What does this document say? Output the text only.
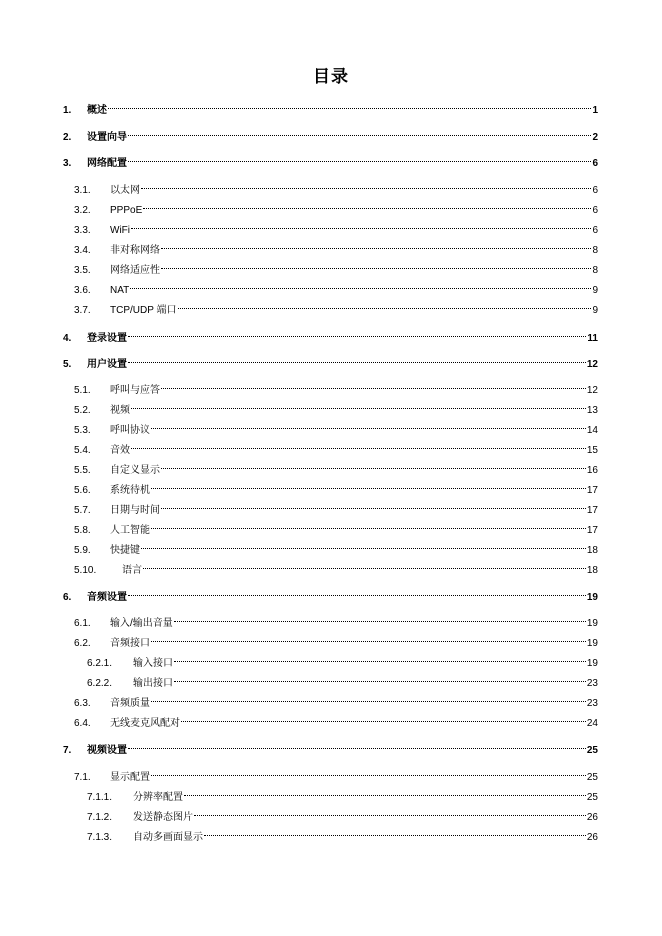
目录
1.	概述	1
2.	设置向导	2
3.	网络配置	6
3.1.	以太网	6
3.2.	PPPoE	6
3.3.	WiFi	6
3.4.	非对称网络	8
3.5.	网络适应性	8
3.6.	NAT	9
3.7.	TCP/UDP 端口	9
4.	登录设置	11
5.	用户设置	12
5.1.	呼叫与应答	12
5.2.	视频	13
5.3.	呼叫协议	14
5.4.	音效	15
5.5.	自定义显示	16
5.6.	系统待机	17
5.7.	日期与时间	17
5.8.	人工智能	17
5.9.	快捷键	18
5.10.	语言	18
6.	音频设置	19
6.1.	输入/输出音量	19
6.2.	音频接口	19
6.2.1.	输入接口	19
6.2.2.	输出接口	23
6.3.	音频质量	23
6.4.	无线麦克风配对	24
7.	视频设置	25
7.1.	显示配置	25
7.1.1.	分辨率配置	25
7.1.2.	发送静态图片	26
7.1.3.	自动多画面显示	26
